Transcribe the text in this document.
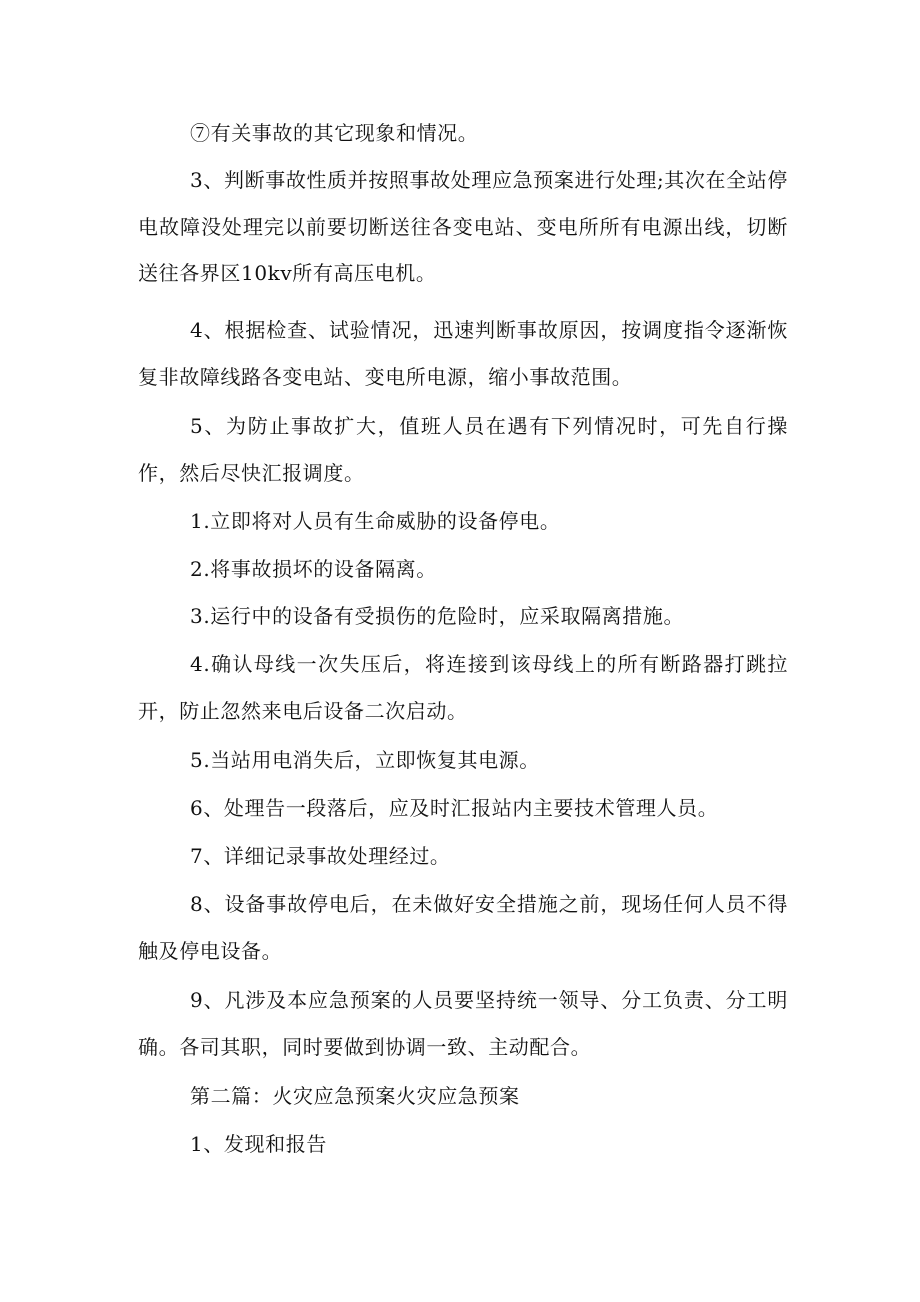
⑦有关事故的其它现象和情况。

3、判断事故性质并按照事故处理应急预案进行处理;其次在全站停电故障没处理完以前要切断送往各变电站、变电所所有电源出线，切断送往各界区10kv所有高压电机。

4、根据检查、试验情况，迅速判断事故原因，按调度指令逐渐恢复非故障线路各变电站、变电所电源，缩小事故范围。

5、为防止事故扩大，值班人员在遇有下列情况时，可先自行操作，然后尽快汇报调度。

1.立即将对人员有生命威胁的设备停电。

2.将事故损坏的设备隔离。

3.运行中的设备有受损伤的危险时，应采取隔离措施。

4.确认母线一次失压后，将连接到该母线上的所有断路器打跳拉开，防止忽然来电后设备二次启动。

5.当站用电消失后，立即恢复其电源。

6、处理告一段落后，应及时汇报站内主要技术管理人员。

7、详细记录事故处理经过。

8、设备事故停电后，在未做好安全措施之前，现场任何人员不得触及停电设备。

9、凡涉及本应急预案的人员要坚持统一领导、分工负责、分工明确。各司其职，同时要做到协调一致、主动配合。

第二篇：火灾应急预案火灾应急预案

1、发现和报告
